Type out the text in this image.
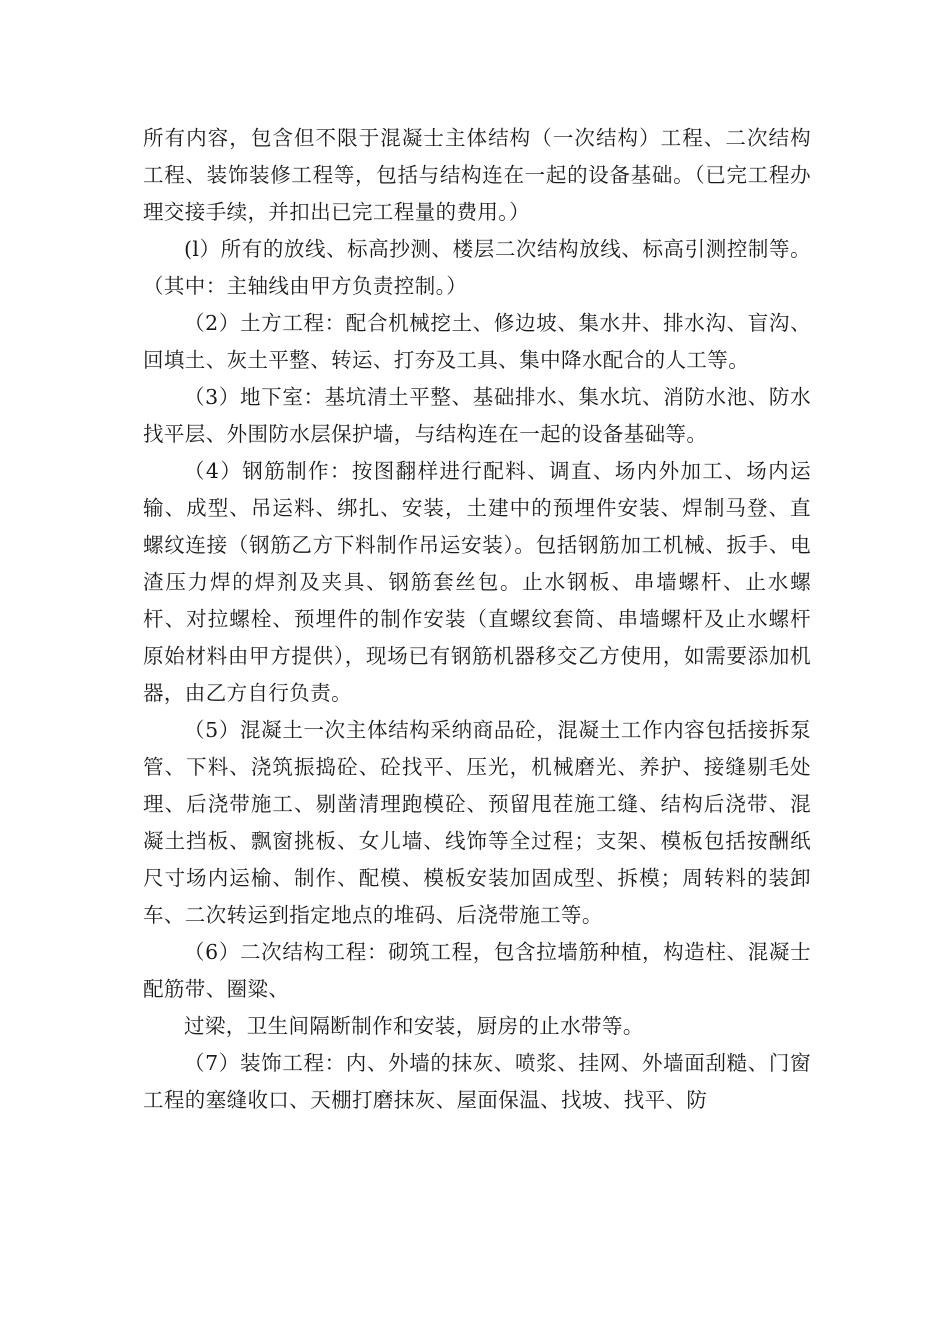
所有内容，包含但不限于混凝士主体结构（一次结构）工程、二次结构工程、装饰装修工程等，包括与结构连在一起的设备基础。（已完工程办理交接手续，并扣出已完工程量的费用。）

(l）所有的放线、标高抄测、楼层二次结构放线、标高引测控制等。（其中：主轴线由甲方负责控制。）

（2）土方工程：配合机械挖土、修边坡、集水井、排水沟、盲沟、回填土、灰土平整、转运、打夯及工具、集中降水配合的人工等。

（3）地下室：基坑清土平整、基础排水、集水坑、消防水池、防水找平层、外围防水层保护墙，与结构连在一起的设备基础等。

（4）钢筋制作：按图翻样进行配料、调直、场内外加工、场内运输、成型、吊运料、绑扎、安装，土建中的预埋件安装、焊制马登、直螺纹连接（钢筋乙方下料制作吊运安装）。包括钢筋加工机械、扳手、电渣压力焊的焊剂及夹具、钢筋套丝包。止水钢板、串墙螺杆、止水螺杆、对拉螺栓、预埋件的制作安装（直螺纹套筒、串墙螺杆及止水螺杆原始材料由甲方提供），现场已有钢筋机器移交乙方使用，如需要添加机器，由乙方自行负责。

（5）混凝土一次主体结构采纳商品砼，混凝土工作内容包括接拆泵管、下料、浇筑振捣砼、砼找平、压光，机械磨光、养护、接缝剔毛处理、后浇带施工、剔凿清理跑模砼、预留甩茬施工缝、结构后浇带、混凝土挡板、飘窗挑板、女儿墙、线饰等全过程；支架、模板包括按酬纸尺寸场内运榆、制作、配模、模板安装加固成型、拆模；周转料的装卸车、二次转运到指定地点的堆码、后浇带施工等。

（6）二次结构工程：砌筑工程，包含拉墙筋种植，构造柱、混凝士配筋带、圈粱、

过梁，卫生间隔断制作和安装，厨房的止水带等。

（7）装饰工程：内、外墙的抹灰、喷浆、挂网、外墙面刮糙、门窗工程的塞缝收口、天棚打磨抹灰、屋面保温、找坡、找平、防
